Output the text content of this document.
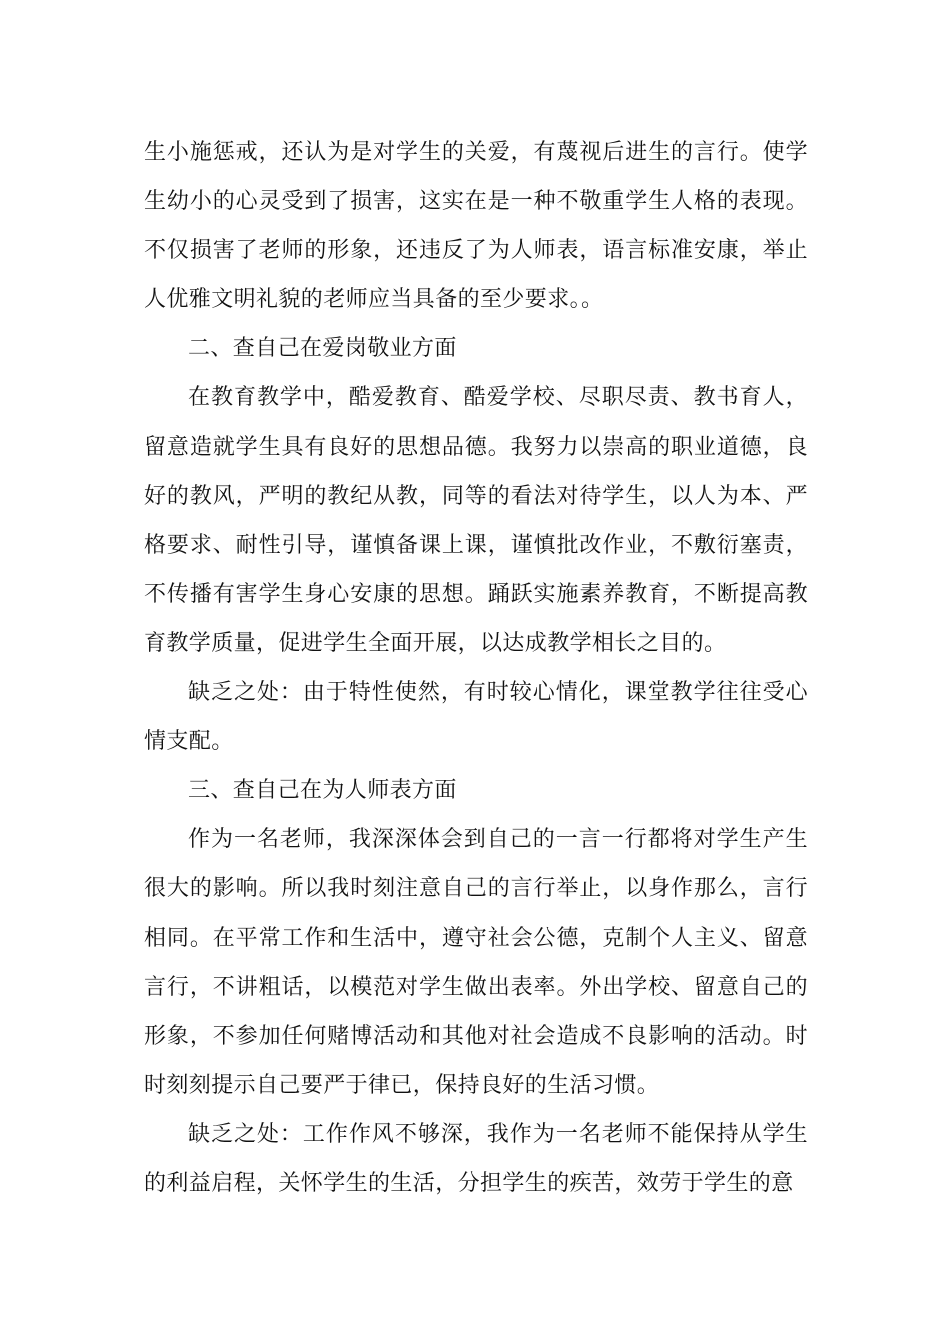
生小施惩戒，还认为是对学生的关爱，有蔑视后进生的言行。使学生幼小的心灵受到了损害，这实在是一种不敬重学生人格的表现。不仅损害了老师的形象，还违反了为人师表，语言标准安康，举止人优雅文明礼貌的老师应当具备的至少要求。。

二、查自己在爱岗敬业方面

在教育教学中，酷爱教育、酷爱学校、尽职尽责、教书育人，留意造就学生具有良好的思想品德。我努力以崇高的职业道德，良好的教风，严明的教纪从教，同等的看法对待学生，以人为本、严格要求、耐性引导，谨慎备课上课，谨慎批改作业，不敷衍塞责，不传播有害学生身心安康的思想。踊跃实施素养教育，不断提高教育教学质量，促进学生全面开展，以达成教学相长之目的。

缺乏之处：由于特性使然，有时较心情化，课堂教学往往受心情支配。

三、查自己在为人师表方面

作为一名老师，我深深体会到自己的一言一行都将对学生产生很大的影响。所以我时刻注意自己的言行举止，以身作那么，言行相同。在平常工作和生活中，遵守社会公德，克制个人主义、留意言行，不讲粗话，以模范对学生做出表率。外出学校、留意自己的形象，不参加任何赌博活动和其他对社会造成不良影响的活动。时时刻刻提示自己要严于律已，保持良好的生活习惯。

缺乏之处：工作作风不够深，我作为一名老师不能保持从学生的利益启程，关怀学生的生活，分担学生的疾苦，效劳于学生的意
